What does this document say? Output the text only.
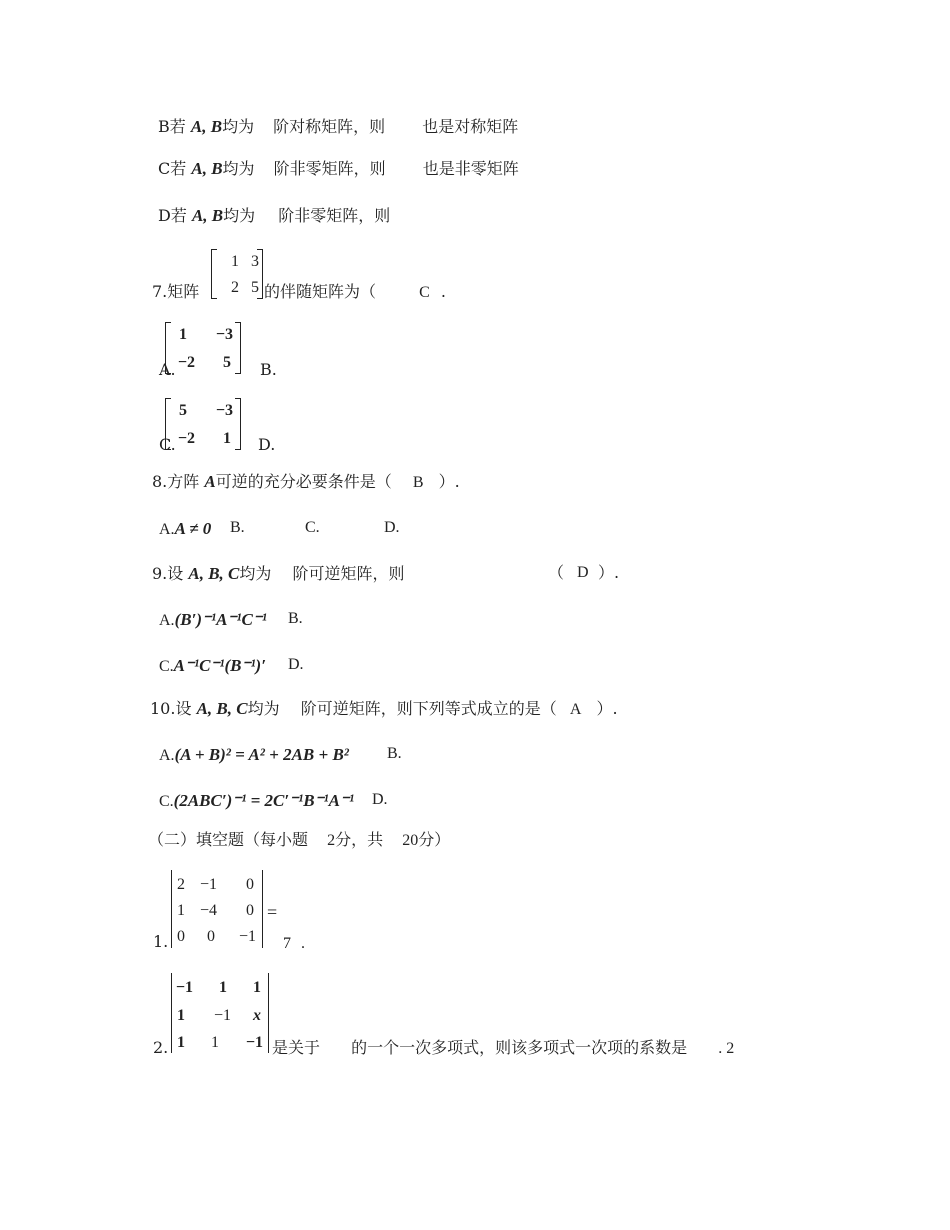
B若 A, B均为 阶对称矩阵，则 也是对称矩阵
C若 A, B均为 阶非零矩阵，则 也是非零矩阵
D若 A, B均为 阶非零矩阵，则
7.矩阵
1 3
2 5 的伴随矩阵为（	C .
1	−3
−2	5
A.	B.
5	−3
−2	1
C.	D.
8.方阵 A可逆的充分必要条件是（ B ）.
A.A ≠ 0 B.	C.	D.
9.设 A, B, C均为 阶可逆矩阵，则	（ D ）.
A.(B′)⁻¹A⁻¹C⁻¹ B.
C.A⁻¹C⁻¹(B⁻¹)′ D.
10.设 A, B, C均为 阶可逆矩阵，则下列等式成立的是（ A ）.
A.(A + B)² = A² + 2AB + B² B.
C.(2ABC′)⁻¹ = 2C′⁻¹B⁻¹A⁻¹ D.
（二）填空题（每小题 2分，共 20分）
1.
2 −1	0
1 −4	0
0	0	−1
=
7 .
2.
−1	1	1
1	−1	x
1	1	−1 是关于 的一个一次多项式，则该多项式一次项的系数是 . 2
